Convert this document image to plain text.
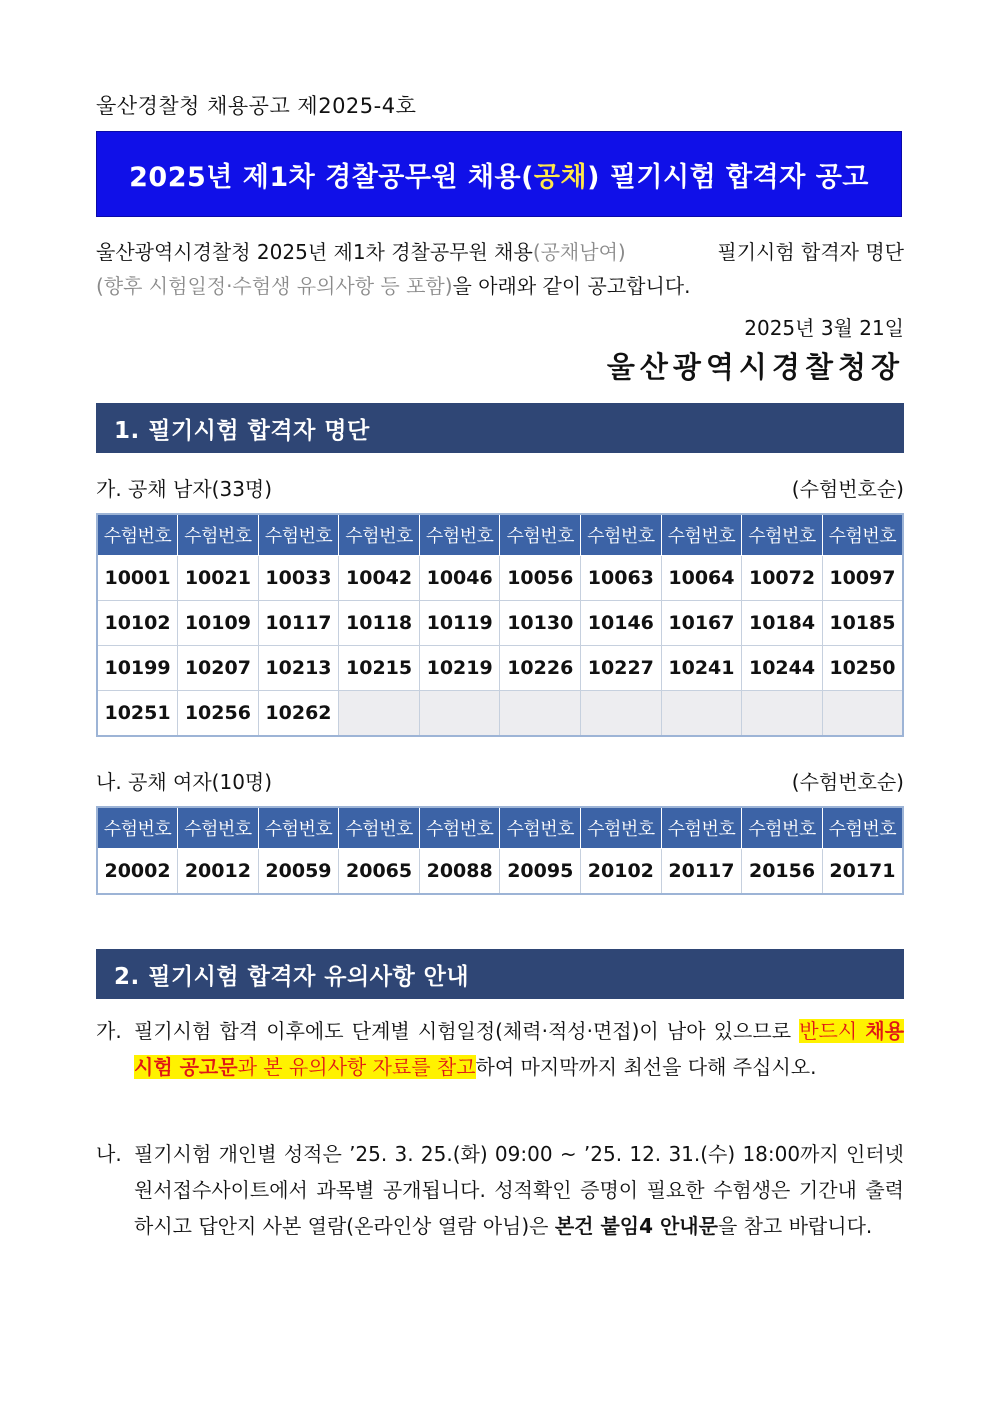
울산경찰청 채용공고 제2025-4호
2025년 제1차 경찰공무원 채용( 공채 ) 필기시험 합격자 공고
울산광역시경찰청 2025년 제1차 경찰공무원 채용(공채남여)	필기시험 합격자 명단
(향후 시험일정·수험생 유의사항 등 포함)을 아래와 같이 공고합니다.
2025년 3월 21일
울산광역시경찰청장
1. 필기시험 합격자 명단
가. 공채 남자(33명)	(수험번호순)
수험번호	수험번호	수험번호	수험번호	수험번호	수험번호	수험번호	수험번호	수험번호	수험번호
10001	10021	10033	10042	10046	10056	10063	10064	10072	10097
10102	10109	10117	10118	10119	10130	10146	10167	10184	10185
10199	10207	10213	10215	10219	10226	10227	10241	10244	10250
10251	10256	10262							
나. 공채 여자(10명)	(수험번호순)
수험번호	수험번호	수험번호	수험번호	수험번호	수험번호	수험번호	수험번호	수험번호	수험번호
20002	20012	20059	20065	20088	20095	20102	20117	20156	20171
2. 필기시험 합격자 유의사항 안내
가. 필기시험 합격 이후에도 단계별 시험일정(체력·적성·면접)이 남아 있으므로 반드시 채용시험 공고문과 본 유의사항 자료를 참고하여 마지막까지 최선을 다해 주십시오.
나. 필기시험 개인별 성적은 ’25. 3. 25.(화) 09:00 ~ ’25. 12. 31.(수) 18:00까지 인터넷 원서접수사이트에서 과목별 공개됩니다. 성적확인 증명이 필요한 수험생은 기간내 출력하시고 답안지 사본 열람(온라인상 열람 아님)은 본건 붙임4 안내문을 참고 바랍니다.
